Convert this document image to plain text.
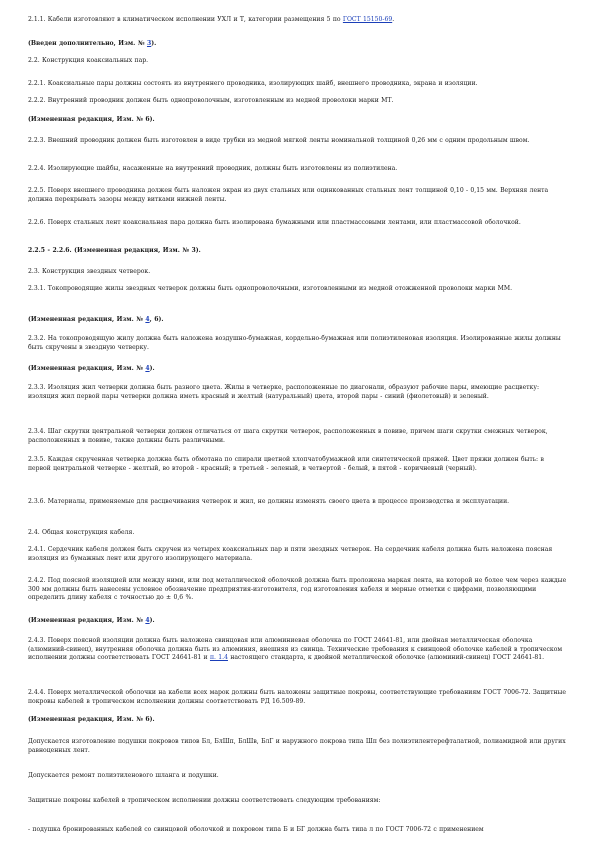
2.1.1. Кабели изготовляют в климатическом исполнении УХЛ и Т, категории размещения 5 по ГОСТ 15150-69.

(Введен дополнительно, Изм. № 3).

2.2. Конструкция коаксиальных пар.

2.2.1. Коаксиальные пары должны состоять из внутреннего проводника, изолирующих шайб, внешнего проводника, экрана и изоляции.

2.2.2. Внутренний проводник должен быть однопроволочным, изготовленным из медной проволоки марки МТ.

(Измененная редакция, Изм. № 6).

2.2.3. Внешний проводник должен быть изготовлен в виде трубки из медной мягкой ленты номинальной толщиной 0,26 мм с одним продольным швом.

2.2.4. Изолирующие шайбы, насаженные на внутренний проводник, должны быть изготовлены из полиэтилена.

2.2.5. Поверх внешнего проводника должен быть наложен экран из двух стальных или оцинкованных стальных лент толщиной 0,10 - 0,15 мм. Верхняя лента должна перекрывать зазоры между витками нижней ленты.

2.2.6. Поверх стальных лент коаксиальная пара должна быть изолирована бумажными или пластмассовыми лентами, или пластмассовой оболочкой.

2.2.5 - 2.2.6. (Измененная редакция, Изм. № 3).

2.3. Конструкция звездных четверок.

2.3.1. Токопроводящие жилы звездных четверок должны быть однопроволочными, изготовленными из медной отожженной проволоки марки ММ.

(Измененная редакция, Изм. № 4, 6).

2.3.2. На токопроводящую жилу должна быть наложена воздушно-бумажная, кордельно-бумажная или полиэтиленовая изоляция. Изолированные жилы должны быть скручены в звездную четверку.

(Измененная редакция, Изм. № 4).

2.3.3. Изоляция жил четверки должна быть разного цвета. Жилы в четверке, расположенные по диагонали, образуют рабочие пары, имеющие расцветку: изоляция жил первой пары четверки должна иметь красный и желтый (натуральный) цвета, второй пары - синий (фиолетовый) и зеленый.

2.3.4. Шаг скрутки центральной четверки должен отличаться от шага скрутки четверок, расположенных в повиве, причем шаги скрутки смежных четверок, расположенных в повиве, также должны быть различными.

2.3.5. Каждая скрученная четверка должна быть обмотана по спирали цветной хлопчатобумажной или синтетической пряжей. Цвет пряжи должен быть: в первой центральной четверке - желтый, во второй - красный; в третьей - зеленый, в четвертой - белый, в пятой - коричневый (черный).

2.3.6. Материалы, применяемые для расцвечивания четверок и жил, не должны изменять своего цвета в процессе производства и эксплуатации.

2.4. Общая конструкция кабеля.

2.4.1. Сердечник кабеля должен быть скручен из четырех коаксиальных пар и пяти звездных четверок. На сердечник кабеля должна быть наложена поясная изоляция из бумажных лент или другого изолирующего материала.

2.4.2. Под поясной изоляцией или между ними, или под металлической оболочкой должна быть проложена маркая лента, на которой не более чем через каждые 300 мм должны быть нанесены условное обозначение предприятия-изготовителя, год изготовления кабеля и мерные отметки с цифрами, позволяющими определить длину кабеля с точностью до ± 0,6 %.

(Измененная редакция, Изм. № 4).

2.4.3. Поверх поясной изоляции должна быть наложена свинцовая или алюминиевая оболочка по ГОСТ 24641-81, или двойная металлическая оболочка (алюминий-свинец), внутренняя оболочка должна быть из алюминия, внешняя из свинца. Технические требования к свинцовой оболочке кабелей в тропическом исполнении должны соответствовать ГОСТ 24641-81 и п. 1.4 настоящего стандарта, к двойной металлической оболочке (алюминий-свинец) ГОСТ 24641-81.

2.4.4. Поверх металлической оболочки на кабели всех марок должны быть наложены защитные покровы, соответствующие требованиям ГОСТ 7006-72. Защитные покровы кабелей в тропическом исполнении должны соответствовать РД 16.509-89.

(Измененная редакция, Изм. № 6).

Допускается изготовление подушки покровов типов Бл, БлШп, БлШв, БлГ и наружного покрова типа Шп без полиэтилентерефталатной, полиамидной или других равноценных лент.

Допускается ремонт полиэтиленового шланга и подушки.

Защитные покровы кабелей в тропическом исполнении должны соответствовать следующим требованиям:

- подушка бронированных кабелей со свинцовой оболочкой и покровом типа Б и БГ должна быть типа л по ГОСТ 7006-72 с применением
